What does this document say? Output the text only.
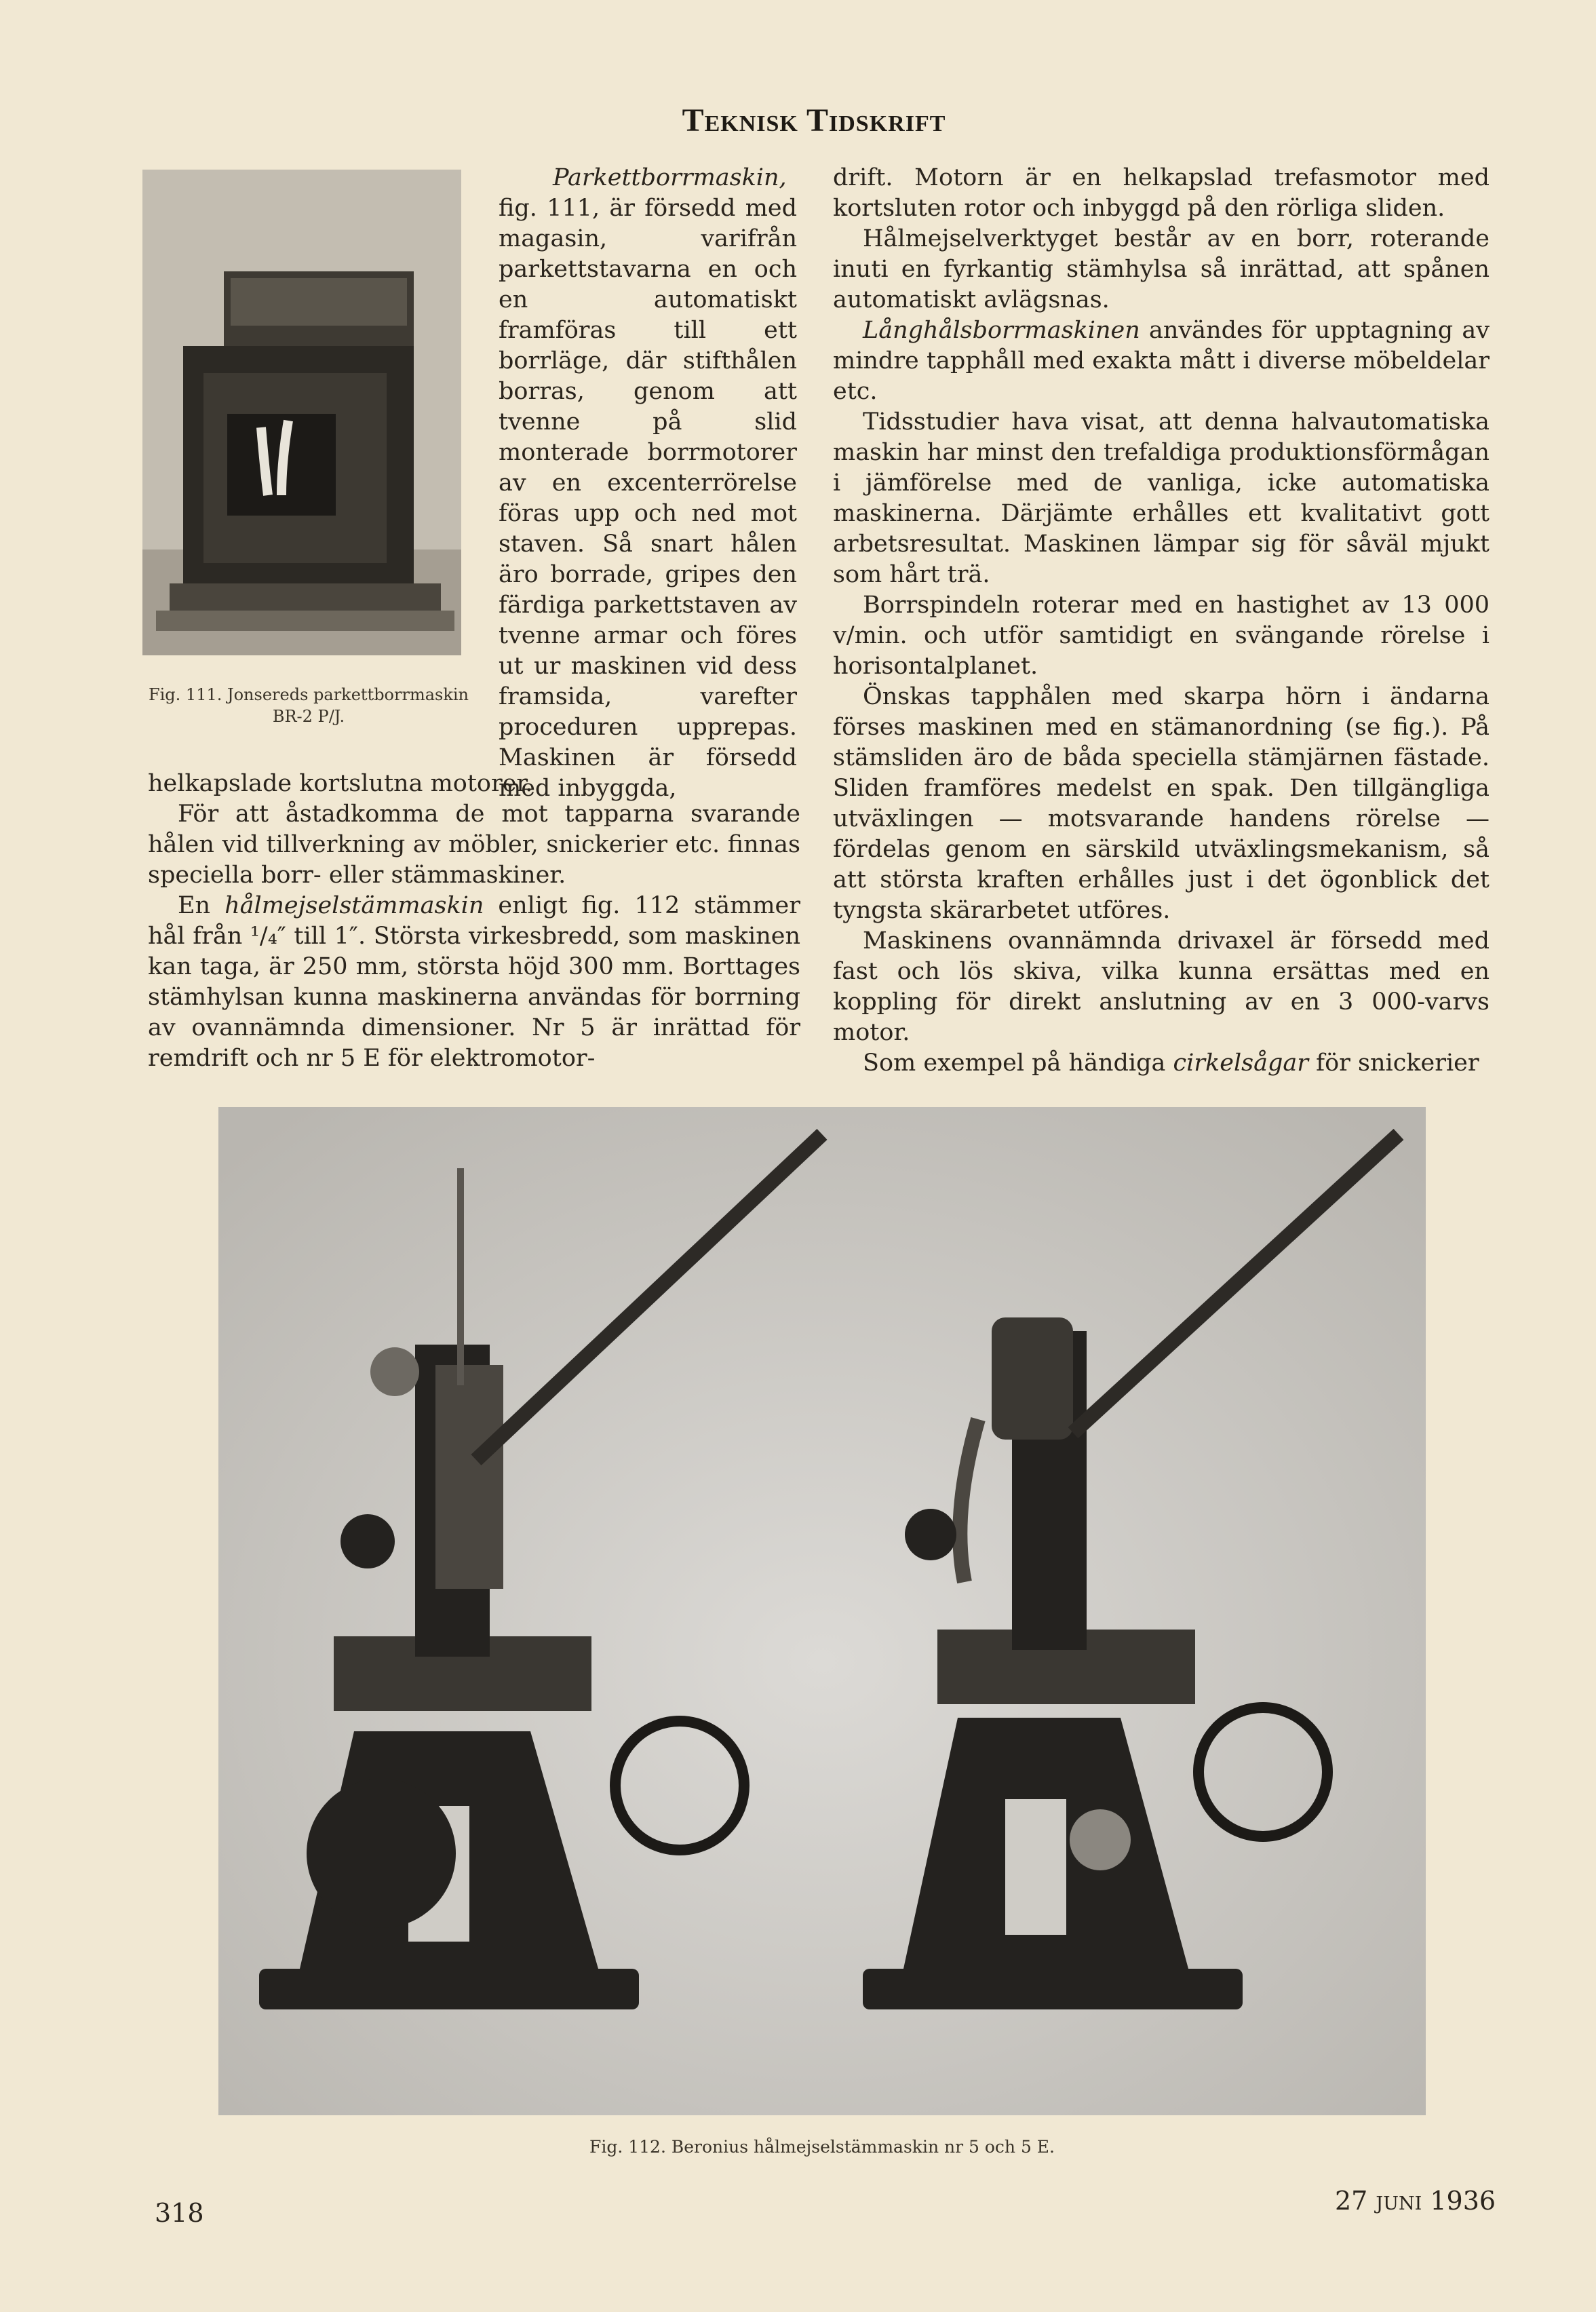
Teknisk Tidskrift
Fig. 111. Jonsereds parkettborrmaskin BR-2 P/J.

Parkettborrmaskin, fig. 111, är försedd med magasin, varifrån parkettstavarna en och en automatiskt framföras till ett borrläge, där stifthålen borras, genom att tvenne på slid monterade borrmotorer av en excenterrörelse föras upp och ned mot staven. Så snart hålen äro borrade, gripes den färdiga parkettstaven av tvenne armar och föres ut ur maskinen vid dess framsida, varefter proceduren upprepas. Maskinen är försedd med inbyggda,

helkapslade kortslutna motorer.

För att åstadkomma de mot tapparna svarande hålen vid tillverkning av möbler, snickerier etc. finnas speciella borr- eller stämmaskiner.

En hålmejselstämmaskin enligt fig. 112 stämmer hål från ¹/₄″ till 1″. Största virkesbredd, som maskinen kan taga, är 250 mm, största höjd 300 mm. Borttages stämhylsan kunna maskinerna användas för borrning av ovannämnda dimensioner. Nr 5 är inrättad för remdrift och nr 5 E för elektromotor-

drift. Motorn är en helkapslad trefasmotor med kortsluten rotor och inbyggd på den rörliga sliden.

Hålmejselverktyget består av en borr, roterande inuti en fyrkantig stämhylsa så inrättad, att spånen automatiskt avlägsnas.

Långhålsborrmaskinen användes för upptagning av mindre tapphåll med exakta mått i diverse möbeldelar etc.

Tidsstudier hava visat, att denna halvautomatiska maskin har minst den trefaldiga produktionsförmågan i jämförelse med de vanliga, icke automatiska maskinerna. Därjämte erhålles ett kvalitativt gott arbetsresultat. Maskinen lämpar sig för såväl mjukt som hårt trä.

Borrspindeln roterar med en hastighet av 13 000 v/min. och utför samtidigt en svängande rörelse i horisontalplanet.

Önskas tapphålen med skarpa hörn i ändarna förses maskinen med en stämanordning (se fig.). På stämsliden äro de båda speciella stämjärnen fästade. Sliden framföres medelst en spak. Den tillgängliga utväxlingen — motsvarande handens rörelse — fördelas genom en särskild utväxlingsmekanism, så att största kraften erhålles just i det ögonblick det tyngsta skärarbetet utföres.

Maskinens ovannämnda drivaxel är försedd med fast och lös skiva, vilka kunna ersättas med en koppling för direkt anslutning av en 3 000-varvs motor.

Som exempel på händiga cirkelsågar för snickerier

Fig. 112. Beronius hålmejselstämmaskin nr 5 och 5 E.
318	27 juni 1936
